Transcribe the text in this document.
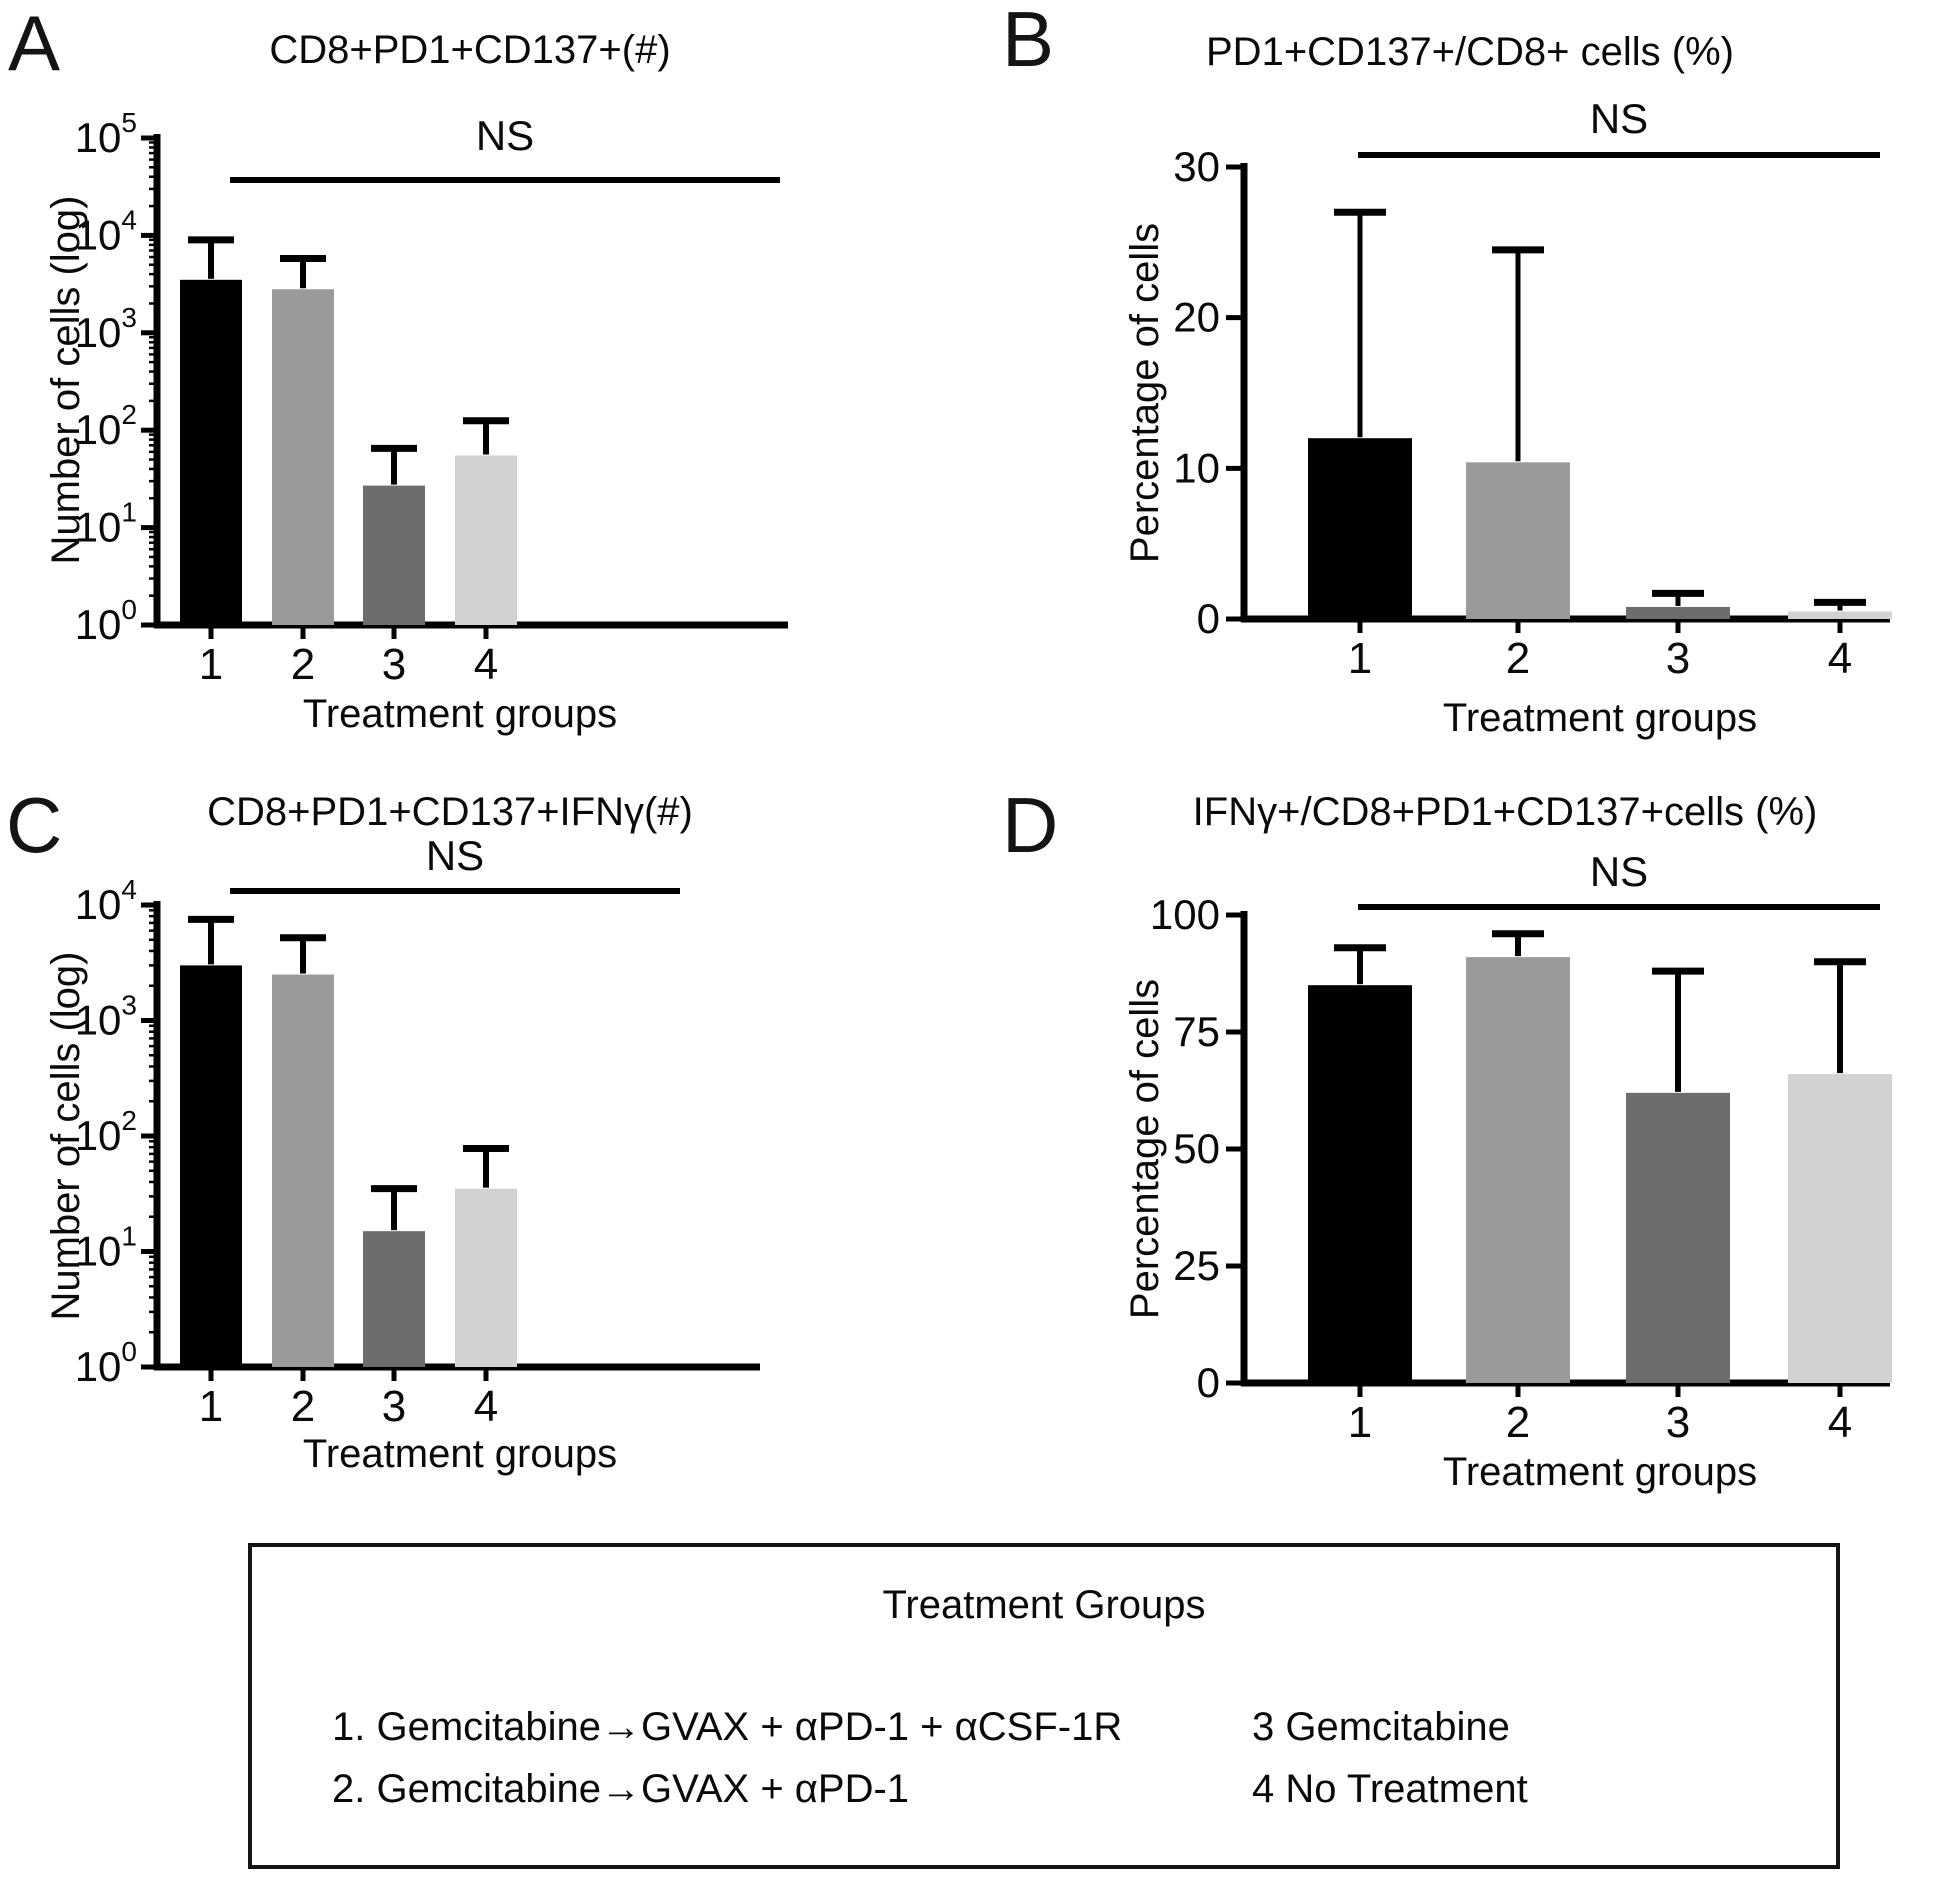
$10^0$
$10^1$
$10^2$
$10^3$
$10^4$
$10^5$
1 2 3 4
A	CD8+PD1+CD137+(#)
NS
Number of cells (log)
Treatment groups
0
10
20
30
1	2	3	4
B	PD1+CD137+/CD8+ cells (%)
NS
Percentage of cells
Treatment groups
$10^0$
$10^1$
$10^2$
$10^3$
$10^4$
1 2 3 4
C	CD8+PD1+CD137+IFNγ(#)
NS
Number of cells (log)
Treatment groups
0
25
50
75
100
1	2	3	4
D	IFNγ+/CD8+PD1+CD137+cells (%)
NS
Percentage of cells
Treatment groups
Treatment Groups
1. Gemcitabine→GVAX + αPD-1 + αCSF-1R
2. Gemcitabine→GVAX + αPD-1
3 Gemcitabine
4 No Treatment
